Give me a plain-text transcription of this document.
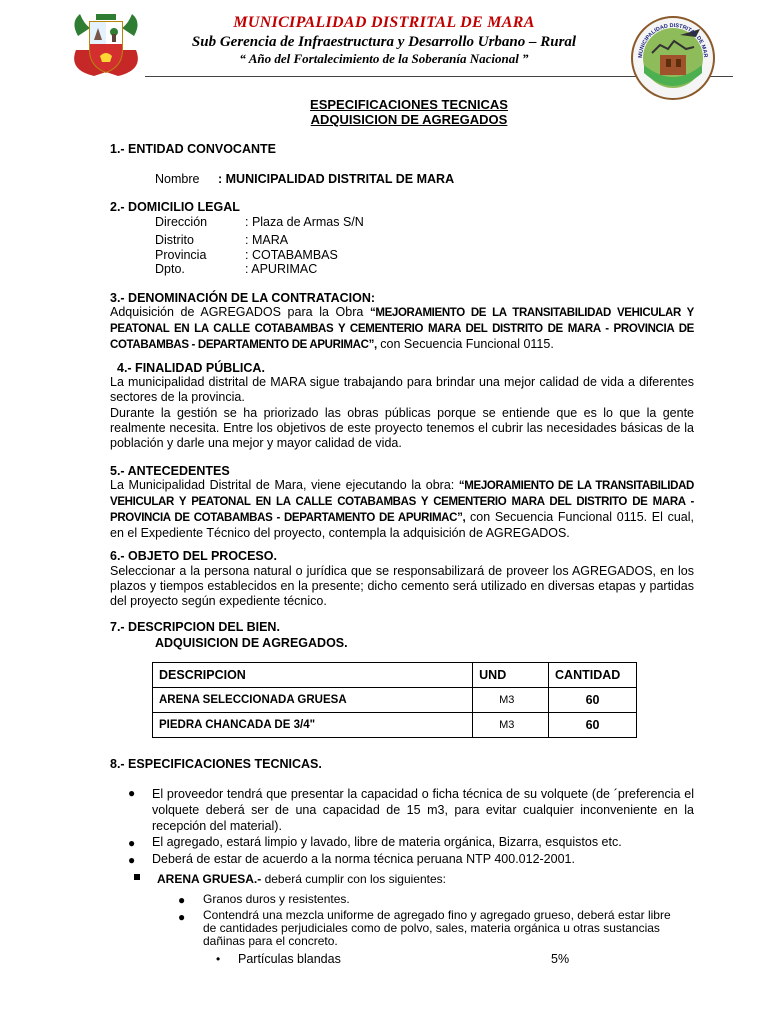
MUNICIPALIDAD DISTRITAL DE MARA
Sub Gerencia de Infraestructura y Desarrollo Urbano – Rural
“ Año del Fortalecimiento de la Soberanía Nacional ”	MUNICIPALIDAD DISTRITAL DE MAR
ESPECIFICACIONES TECNICAS
ADQUISICION DE AGREGADOS
1.- ENTIDAD CONVOCANTE
Nombre : MUNICIPALIDAD DISTRITAL DE MARA
2.- DOMICILIO LEGAL
Dirección	: Plaza de Armas S/N
Distrito	: MARA
Provincia	: COTABAMBAS
Dpto.	: APURIMAC
3.- DENOMINACIÓN DE LA CONTRATACION:
Adquisición de AGREGADOS para la Obra “MEJORAMIENTO DE LA TRANSITABILIDAD VEHICULAR Y PEATONAL EN LA CALLE COTABAMBAS Y CEMENTERIO MARA DEL DISTRITO DE MARA - PROVINCIA DE COTABAMBAS - DEPARTAMENTO DE APURIMAC”, con Secuencia Funcional 0115.
4.- FINALIDAD PÚBLICA.
La municipalidad distrital de MARA sigue trabajando para brindar una mejor calidad de vida a diferentes sectores de la provincia.
Durante la gestión se ha priorizado las obras públicas porque se entiende que es lo que la gente realmente necesita. Entre los objetivos de este proyecto tenemos el cubrir las necesidades básicas de la población y darle una mejor y mayor calidad de vida.
5.- ANTECEDENTES
La Municipalidad Distrital de Mara, viene ejecutando la obra: “MEJORAMIENTO DE LA TRANSITABILIDAD VEHICULAR Y PEATONAL EN LA CALLE COTABAMBAS Y CEMENTERIO MARA DEL DISTRITO DE MARA - PROVINCIA DE COTABAMBAS - DEPARTAMENTO DE APURIMAC”, con Secuencia Funcional 0115. El cual, en el Expediente Técnico del proyecto, contempla la adquisición de AGREGADOS.
6.- OBJETO DEL PROCESO.
Seleccionar a la persona natural o jurídica que se responsabilizará de proveer los AGREGADOS, en los plazos y tiempos establecidos en la presente; dicho cemento será utilizado en diversas etapas y partidas del proyecto según expediente técnico.
7.- DESCRIPCION DEL BIEN.
ADQUISICION DE AGREGADOS.
DESCRIPCION	UND	CANTIDAD
ARENA SELECCIONADA GRUESA	M3	60
PIEDRA CHANCADA DE 3/4"	M3	60
8.- ESPECIFICACIONES TECNICAS.
● El proveedor tendrá que presentar la capacidad o ficha técnica de su volquete (de ´preferencia el volquete deberá ser de una capacidad de 15 m3, para evitar cualquier inconveniente en la recepción del material).
● El agregado, estará limpio y lavado, libre de materia orgánica, Bizarra, esquistos etc.
● Deberá de estar de acuerdo a la norma técnica peruana NTP 400.012-2001.
ARENA GRUESA.- deberá cumplir con los siguientes:
● Granos duros y resistentes.
● Contendrá una mezcla uniforme de agregado fino y agregado grueso, deberá estar libre de cantidades perjudiciales como de polvo, sales, materia orgánica u otras sustancias dañinas para el concreto.
• Partículas blandas	5%
